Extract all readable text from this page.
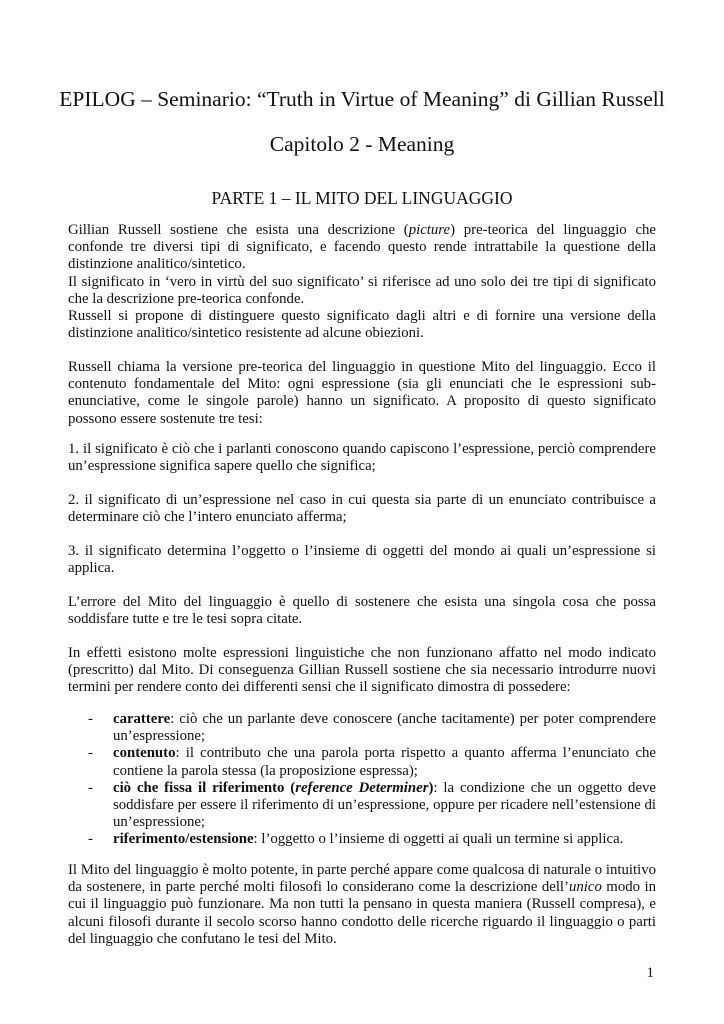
EPILOG – Seminario: “Truth in Virtue of Meaning” di Gillian Russell
Capitolo 2 - Meaning
PARTE 1 – IL MITO DEL LINGUAGGIO
Gillian Russell sostiene che esista una descrizione (picture) pre-teorica del linguaggio che confonde tre diversi tipi di significato, e facendo questo rende intrattabile la questione della distinzione analitico/sintetico.
Il significato in ‘vero in virtù del suo significato’ si riferisce ad uno solo dei tre tipi di significato che la descrizione pre-teorica confonde.
Russell si propone di distinguere questo significato dagli altri e di fornire una versione della distinzione analitico/sintetico resistente ad alcune obiezioni.

Russell chiama la versione pre-teorica del linguaggio in questione Mito del linguaggio. Ecco il contenuto fondamentale del Mito: ogni espressione (sia gli enunciati che le espressioni sub-enunciative, come le singole parole) hanno un significato. A proposito di questo significato possono essere sostenute tre tesi:

1. il significato è ciò che i parlanti conoscono quando capiscono l’espressione, perciò comprendere un’espressione significa sapere quello che significa;

2. il significato di un’espressione nel caso in cui questa sia parte di un enunciato contribuisce a determinare ciò che l’intero enunciato afferma;

3. il significato determina l’oggetto o l’insieme di oggetti del mondo ai quali un’espressione si applica.

L’errore del Mito del linguaggio è quello di sostenere che esista una singola cosa che possa soddisfare tutte e tre le tesi sopra citate.

In effetti esistono molte espressioni linguistiche che non funzionano affatto nel modo indicato (prescritto) dal Mito. Di conseguenza Gillian Russell sostiene che sia necessario introdurre nuovi termini per rendere conto dei differenti sensi che il significato dimostra di possedere:

- carattere: ciò che un parlante deve conoscere (anche tacitamente) per poter comprendere un’espressione;
- contenuto: il contributo che una parola porta rispetto a quanto afferma l’enunciato che contiene la parola stessa (la proposizione espressa);
- ciò che fissa il riferimento (reference Determiner): la condizione che un oggetto deve soddisfare per essere il riferimento di un’espressione, oppure per ricadere nell’estensione di un’espressione;
- riferimento/estensione: l’oggetto o l’insieme di oggetti ai quali un termine si applica.

Il Mito del linguaggio è molto potente, in parte perché appare come qualcosa di naturale o intuitivo da sostenere, in parte perché molti filosofi lo considerano come la descrizione dell’unico modo in cui il linguaggio può funzionare. Ma non tutti la pensano in questa maniera (Russell compresa), e alcuni filosofi durante il secolo scorso hanno condotto delle ricerche riguardo il linguaggio o parti del linguaggio che confutano le tesi del Mito.

1
